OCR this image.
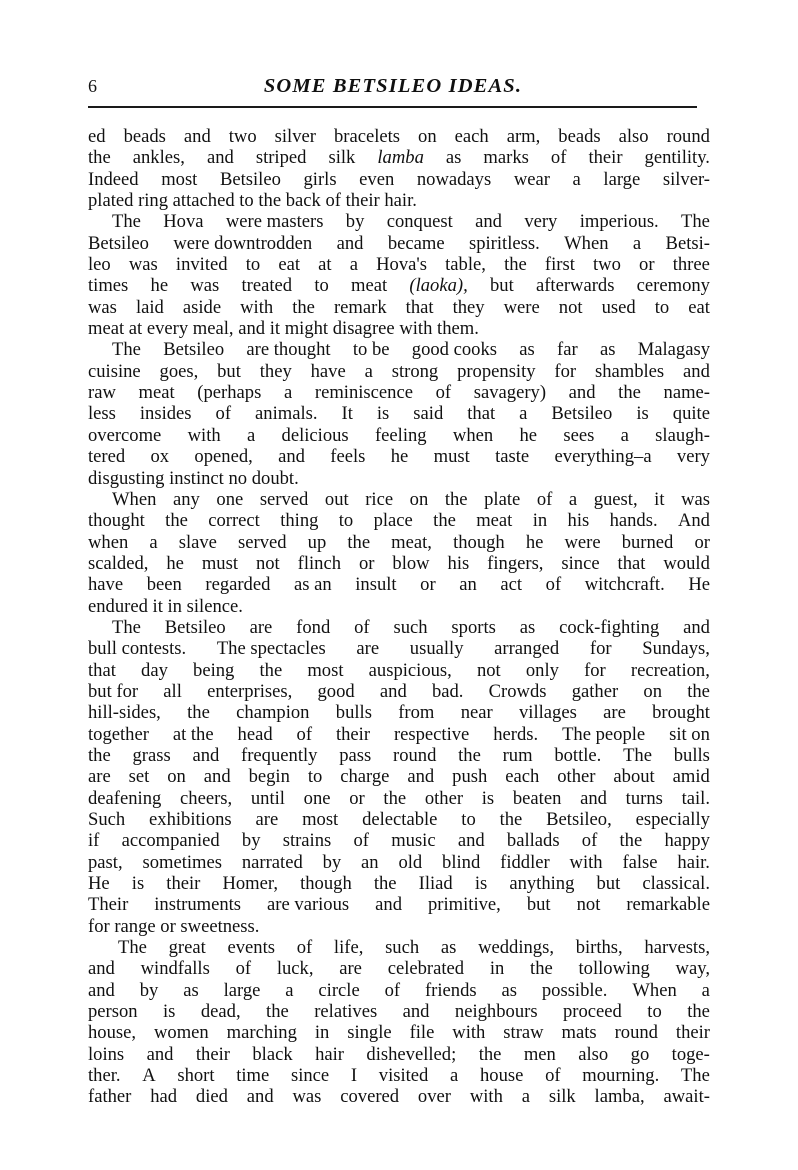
6	SOME BETSILEO IDEAS.
ed beads and two silver bracelets on each arm, beads also round
the ankles, and striped silk lamba as marks of their gentility.
Indeed most Betsileo girls even nowadays wear a large silver-
plated ring attached to the back of their hair.
The Hova were masters by conquest and very imperious. The
Betsileo were downtrodden and became spiritless. When a Betsi-
leo was invited to eat at a Hova's table, the first two or three
times he was treated to meat (laoka), but afterwards ceremony
was laid aside with the remark that they were not used to eat
meat at every meal, and it might disagree with them.
The Betsileo are thought to be good cooks as far as Malagasy
cuisine goes, but they have a strong propensity for shambles and
raw meat (perhaps a reminiscence of savagery) and the name-
less insides of animals. It is said that a Betsileo is quite
overcome with a delicious feeling when he sees a slaugh-
tered ox opened, and feels he must taste everything–a very
disgusting instinct no doubt.
When any one served out rice on the plate of a guest, it was
thought the correct thing to place the meat in his hands. And
when a slave served up the meat, though he were burned or
scalded, he must not flinch or blow his fingers, since that would
have been regarded as an insult or an act of witchcraft. He
endured it in silence.
The Betsileo are fond of such sports as cock-fighting and
bull contests. The spectacles are usually arranged for Sundays,
that day being the most auspicious, not only for recreation,
but for all enterprises, good and bad. Crowds gather on the
hill-sides, the champion bulls from near villages are brought
together at the head of their respective herds. The people sit on
the grass and frequently pass round the rum bottle. The bulls
are set on and begin to charge and push each other about amid
deafening cheers, until one or the other is beaten and turns tail.
Such exhibitions are most delectable to the Betsileo, especially
if accompanied by strains of music and ballads of the happy
past, sometimes narrated by an old blind fiddler with false hair.
He is their Homer, though the Iliad is anything but classical.
Their instruments are various and primitive, but not remarkable
for range or sweetness.
The great events of life, such as weddings, births, harvests,
and windfalls of luck, are celebrated in the tollowing way,
and by as large a circle of friends as possible. When a
person is dead, the relatives and neighbours proceed to the
house, women marching in single file with straw mats round their
loins and their black hair dishevelled; the men also go toge-
ther. A short time since I visited a house of mourning. The
father had died and was covered over with a silk lamba, await-
